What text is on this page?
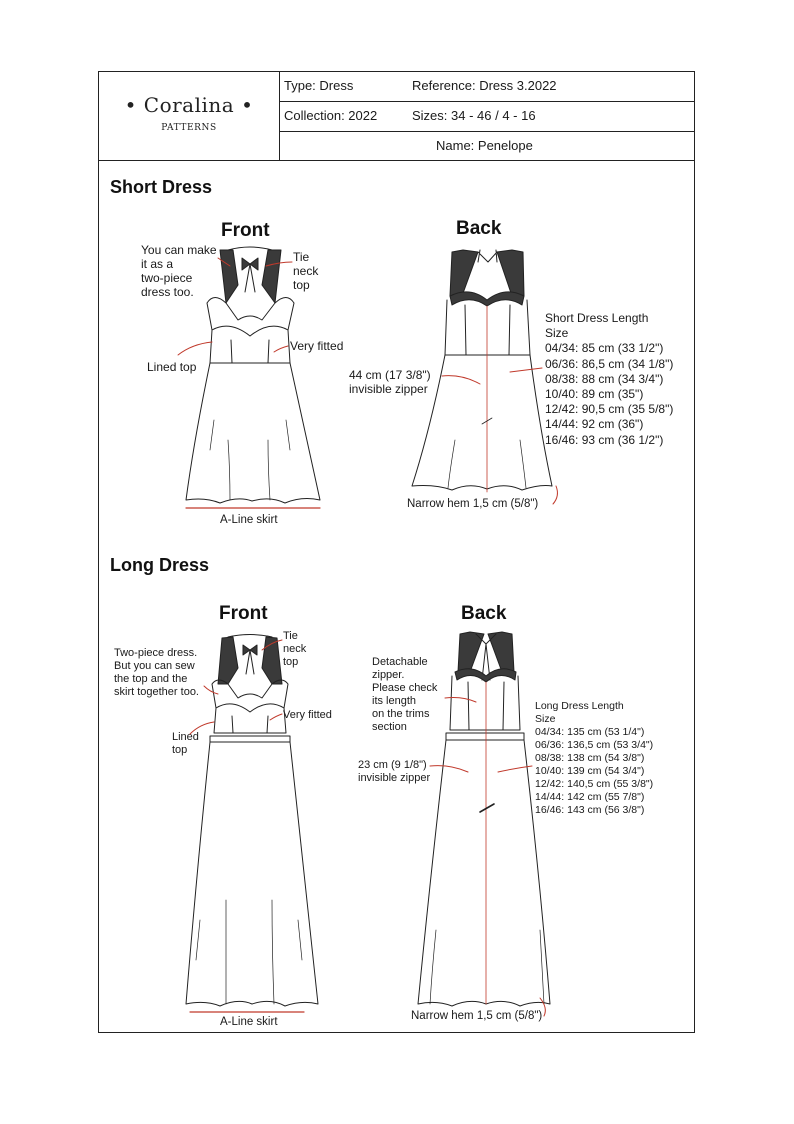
• Coralina •
PATTERNS
Type: Dress	Reference: Dress 3.2022
Collection: 2022	Sizes: 34 - 46 / 4 - 16
Name: Penelope
Short Dress
Front	Back
You can make
it as a
two-piece
dress too.
Tie
neck
top
Very fitted
Lined top
A-Line skirt
44 cm (17 3/8")
invisible zipper
Narrow hem 1,5 cm (5/8")
Short Dress Length
Size
04/34: 85 cm (33 1/2")
06/36: 86,5 cm (34 1/8")
08/38: 88 cm (34 3/4")
10/40: 89 cm (35")
12/42: 90,5 cm (35 5/8")
14/44: 92 cm (36")
16/46: 93 cm (36 1/2")
Long Dress
Front	Back
Two-piece dress.
But you can sew
the top and the
skirt together too.
Tie
neck
top
Very fitted
Lined
top
A-Line skirt
Detachable
zipper.
Please check
its length
on the trims
section
23 cm (9 1/8")
invisible zipper
Narrow hem 1,5 cm (5/8")
Long Dress Length
Size
04/34: 135 cm (53 1/4")
06/36: 136,5 cm (53 3/4")
08/38: 138 cm (54 3/8")
10/40: 139 cm (54 3/4")
12/42: 140,5 cm (55 3/8")
14/44: 142 cm (55 7/8")
16/46: 143 cm (56 3/8")
